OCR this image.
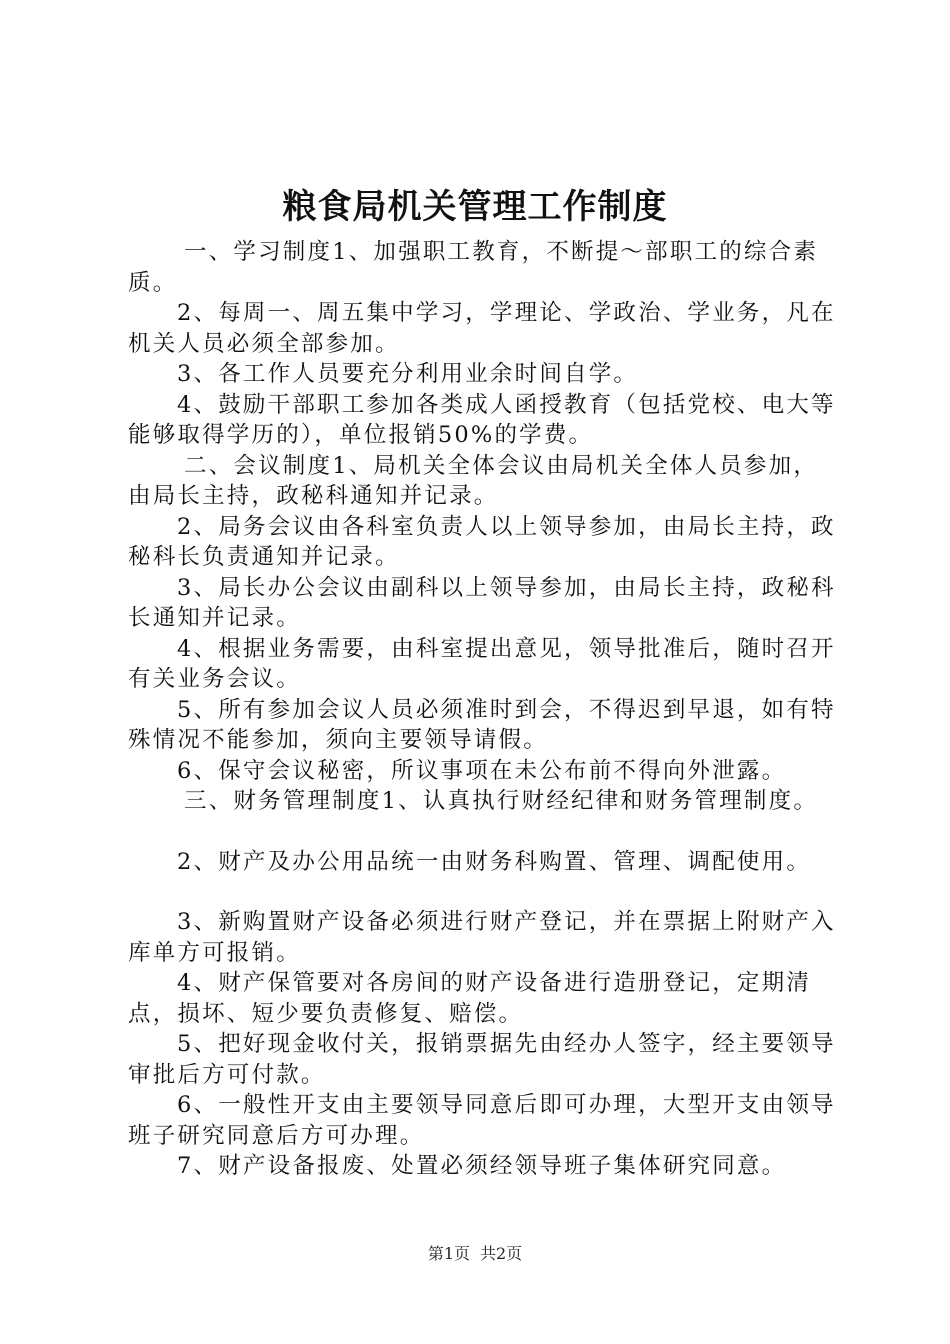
粮食局机关管理工作制度

一、学习制度1、加强职工教育，不断提～部职工的综合素质。

2、每周一、周五集中学习，学理论、学政治、学业务，凡在机关人员必须全部参加。

3、各工作人员要充分利用业余时间自学。

4、鼓励干部职工参加各类成人函授教育（包括党校、电大等能够取得学历的），单位报销50%的学费。

二、会议制度1、局机关全体会议由局机关全体人员参加，由局长主持，政秘科通知并记录。

2、局务会议由各科室负责人以上领导参加，由局长主持，政秘科长负责通知并记录。

3、局长办公会议由副科以上领导参加，由局长主持，政秘科长通知并记录。

4、根据业务需要，由科室提出意见，领导批准后，随时召开有关业务会议。

5、所有参加会议人员必须准时到会，不得迟到早退，如有特殊情况不能参加，须向主要领导请假。

6、保守会议秘密，所议事项在未公布前不得向外泄露。

三、财务管理制度1、认真执行财经纪律和财务管理制度。

2、财产及办公用品统一由财务科购置、管理、调配使用。

3、新购置财产设备必须进行财产登记，并在票据上附财产入库单方可报销。

4、财产保管要对各房间的财产设备进行造册登记，定期清点，损坏、短少要负责修复、赔偿。

5、把好现金收付关，报销票据先由经办人签字，经主要领导审批后方可付款。

6、一般性开支由主要领导同意后即可办理，大型开支由领导班子研究同意后方可办理。

7、财产设备报废、处置必须经领导班子集体研究同意。

第1页 共2页
